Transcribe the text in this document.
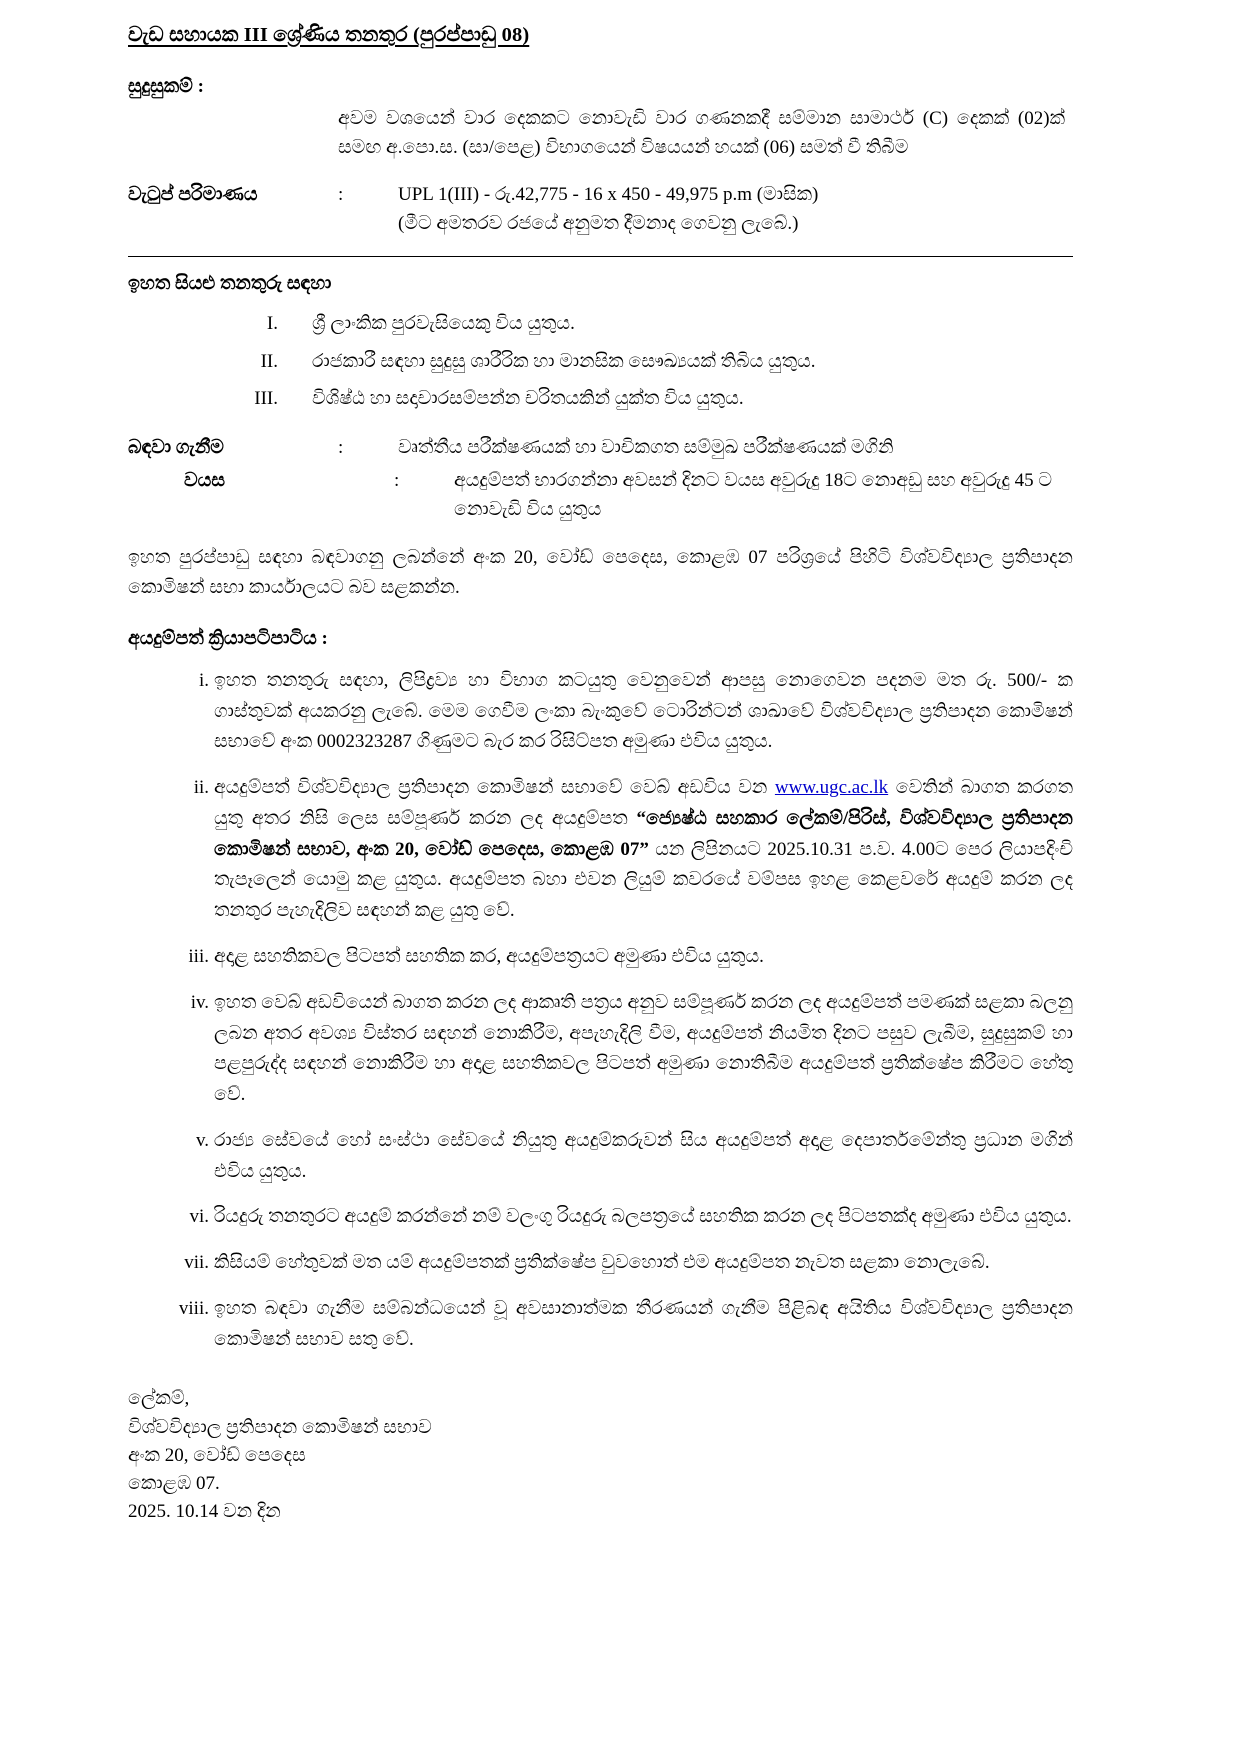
වැඩ සහායක III ශ්‍රේණිය තනතුර (පුරප්පාඩු 08)
සුදුසුකම් :
අවම වශයෙන් වාර දෙකකට නොවැඩි වාර ගණනකදී සම්මාන සාමාර්ථ (C) දෙකක් (02)ක් සමඟ අ.පො.ස. (සා/පෙළ) විභාගයෙන් විෂයයන් හයක් (06) සමත් වී තිබීම
වැටුප් පරිමාණය	:	UPL 1(III) - රු.42,775 - 16 x 450 - 49,975 p.m (මාසික)
(මීට අමතරව රජයේ අනුමත දීමනාද ගෙවනු ලැබේ.)
ඉහත සියළු තනතුරු සඳහා
I.	ශ්‍රී ලාංකික පුරවැසියෙකු විය යුතුය.
II.	රාජකාරී සඳහා සුදුසු ශාරීරික හා මානසික සෞඛ්‍යයක් තිබිය යුතුය.
III.	විශිෂ්ඨ හා සදාචාරසම්පන්න චරිතයකින් යුක්ත විය යුතුය.
බඳවා ගැනීම	:	වෘත්තීය පරීක්ෂණයක් හා වාචිකගත සම්මුඛ පරීක්ෂණයක් මගිනි
වයස	:	අයදුම්පත් භාරගන්නා අවසන් දිනට වයස අවුරුදු 18ට නොඅඩු සහ අවුරුදු 45 ට නොවැඩි විය යුතුය
ඉහත පුරප්පාඩු සඳහා බඳවාගනු ලබන්නේ අංක 20, වෝඩ් පෙදෙස, කොළඹ 07 පරිශ්‍රයේ පිහිටි විශ්වවිද්‍යාල ප්‍රතිපාදන කොමිෂන් සභා කාර්යාලයට බව සළකන්න.
අයදුම්පත් ක්‍රියාපටිපාටිය :
i. ඉහත තනතුරු සඳහා, ලිපිද්‍රව්‍ය හා විභාග කටයුතු වෙනුවෙන් ආපසු නොගෙවන පදනම මත රු. 500/- ක ගාස්තුවක් අයකරනු ලැබේ. මෙම ගෙවීම ලංකා බැංකුවේ ටොරින්ටන් ශාඛාවේ විශ්වවිද්‍යාල ප්‍රතිපාදන කොමිෂන් සභාවේ අංක 0002323287 ගිණුමට බැර කර රිසිට්පත අමුණා එවිය යුතුය.
ii. අයදුම්පත් විශ්වවිද්‍යාල ප්‍රතිපාදන කොමිෂන් සභාවේ වෙබ් අඩවිය වන www.ugc.ac.lk වෙතින් බාගත කරගත යුතු අතර නිසි ලෙස සම්පූර්ණ කරන ලද අයදුම්පත “ජ්‍යෙෂ්ඨ සහකාර ලේකම්/පිරිස්, විශ්වවිද්‍යාල ප්‍රතිපාදන කොමිෂන් සභාව, අංක 20, වෝඩ් පෙදෙස, කොළඹ 07” යන ලිපිනයට 2025.10.31 ප.ව. 4.00ට පෙර ලියාපදිංචි තැපෑලෙන් යොමු කළ යුතුය. අයදුම්පත බහා එවන ලියුම් කවරයේ වම්පස ඉහළ කෙළවරේ අයදුම් කරන ලද තනතුර පැහැදිලිව සඳහන් කළ යුතු වේ.
iii. අදාළ සහතිකවල පිටපත් සහතික කර, අයදුම්පත්‍රයට අමුණා එවිය යුතුය.
iv. ඉහත වෙබ් අඩවියෙන් බාගත කරන ලද ආකෘති පත්‍රය අනුව සම්පූර්ණ කරන ලද අයදුම්පත් පමණක් සළකා බලනු ලබන අතර අවශ්‍ය විස්තර සඳහන් නොකිරීම, අපැහැදිලි වීම, අයදුම්පත් නියමිත දිනට පසුව ලැබීම, සුදුසුකම් හා පළපුරුද්ද සඳහන් නොකිරීම හා අදාළ සහතිකවල පිටපත් අමුණා නොතිබීම අයදුම්පත් ප්‍රතික්ෂේප කිරීමට හේතු වේ.
v. රාජ්‍ය සේවයේ හෝ සංස්ථා සේවයේ නියුතු අයදුම්කරුවන් සිය අයදුම්පත් අදාළ දෙපාර්තමේන්තු ප්‍රධාන මගින් එවිය යුතුය.
vi. රියදුරු තනතුරට අයදුම් කරන්නේ නම් වලංගු රියදුරු බලපත්‍රයේ සහතික කරන ලද පිටපතක්ද අමුණා එවිය යුතුය.
vii. කිසියම් හේතුවක් මත යම් අයදුම්පතක් ප්‍රතික්ෂේප වුවහොත් එම අයදුම්පත නැවත සළකා නොලැබේ.
viii. ඉහත බඳවා ගැනීම සම්බන්ධයෙන් වූ අවසානාත්මක තීරණයන් ගැනීම පිළිබඳ අයිතිය විශ්වවිද්‍යාල ප්‍රතිපාදන කොමිෂන් සභාව සතු වේ.
ලේකම්,
විශ්වවිද්‍යාල ප්‍රතිපාදන කොමිෂන් සභාව
අංක 20, වෝඩ් පෙදෙස
කොළඹ 07.
2025. 10.14 වන දින
